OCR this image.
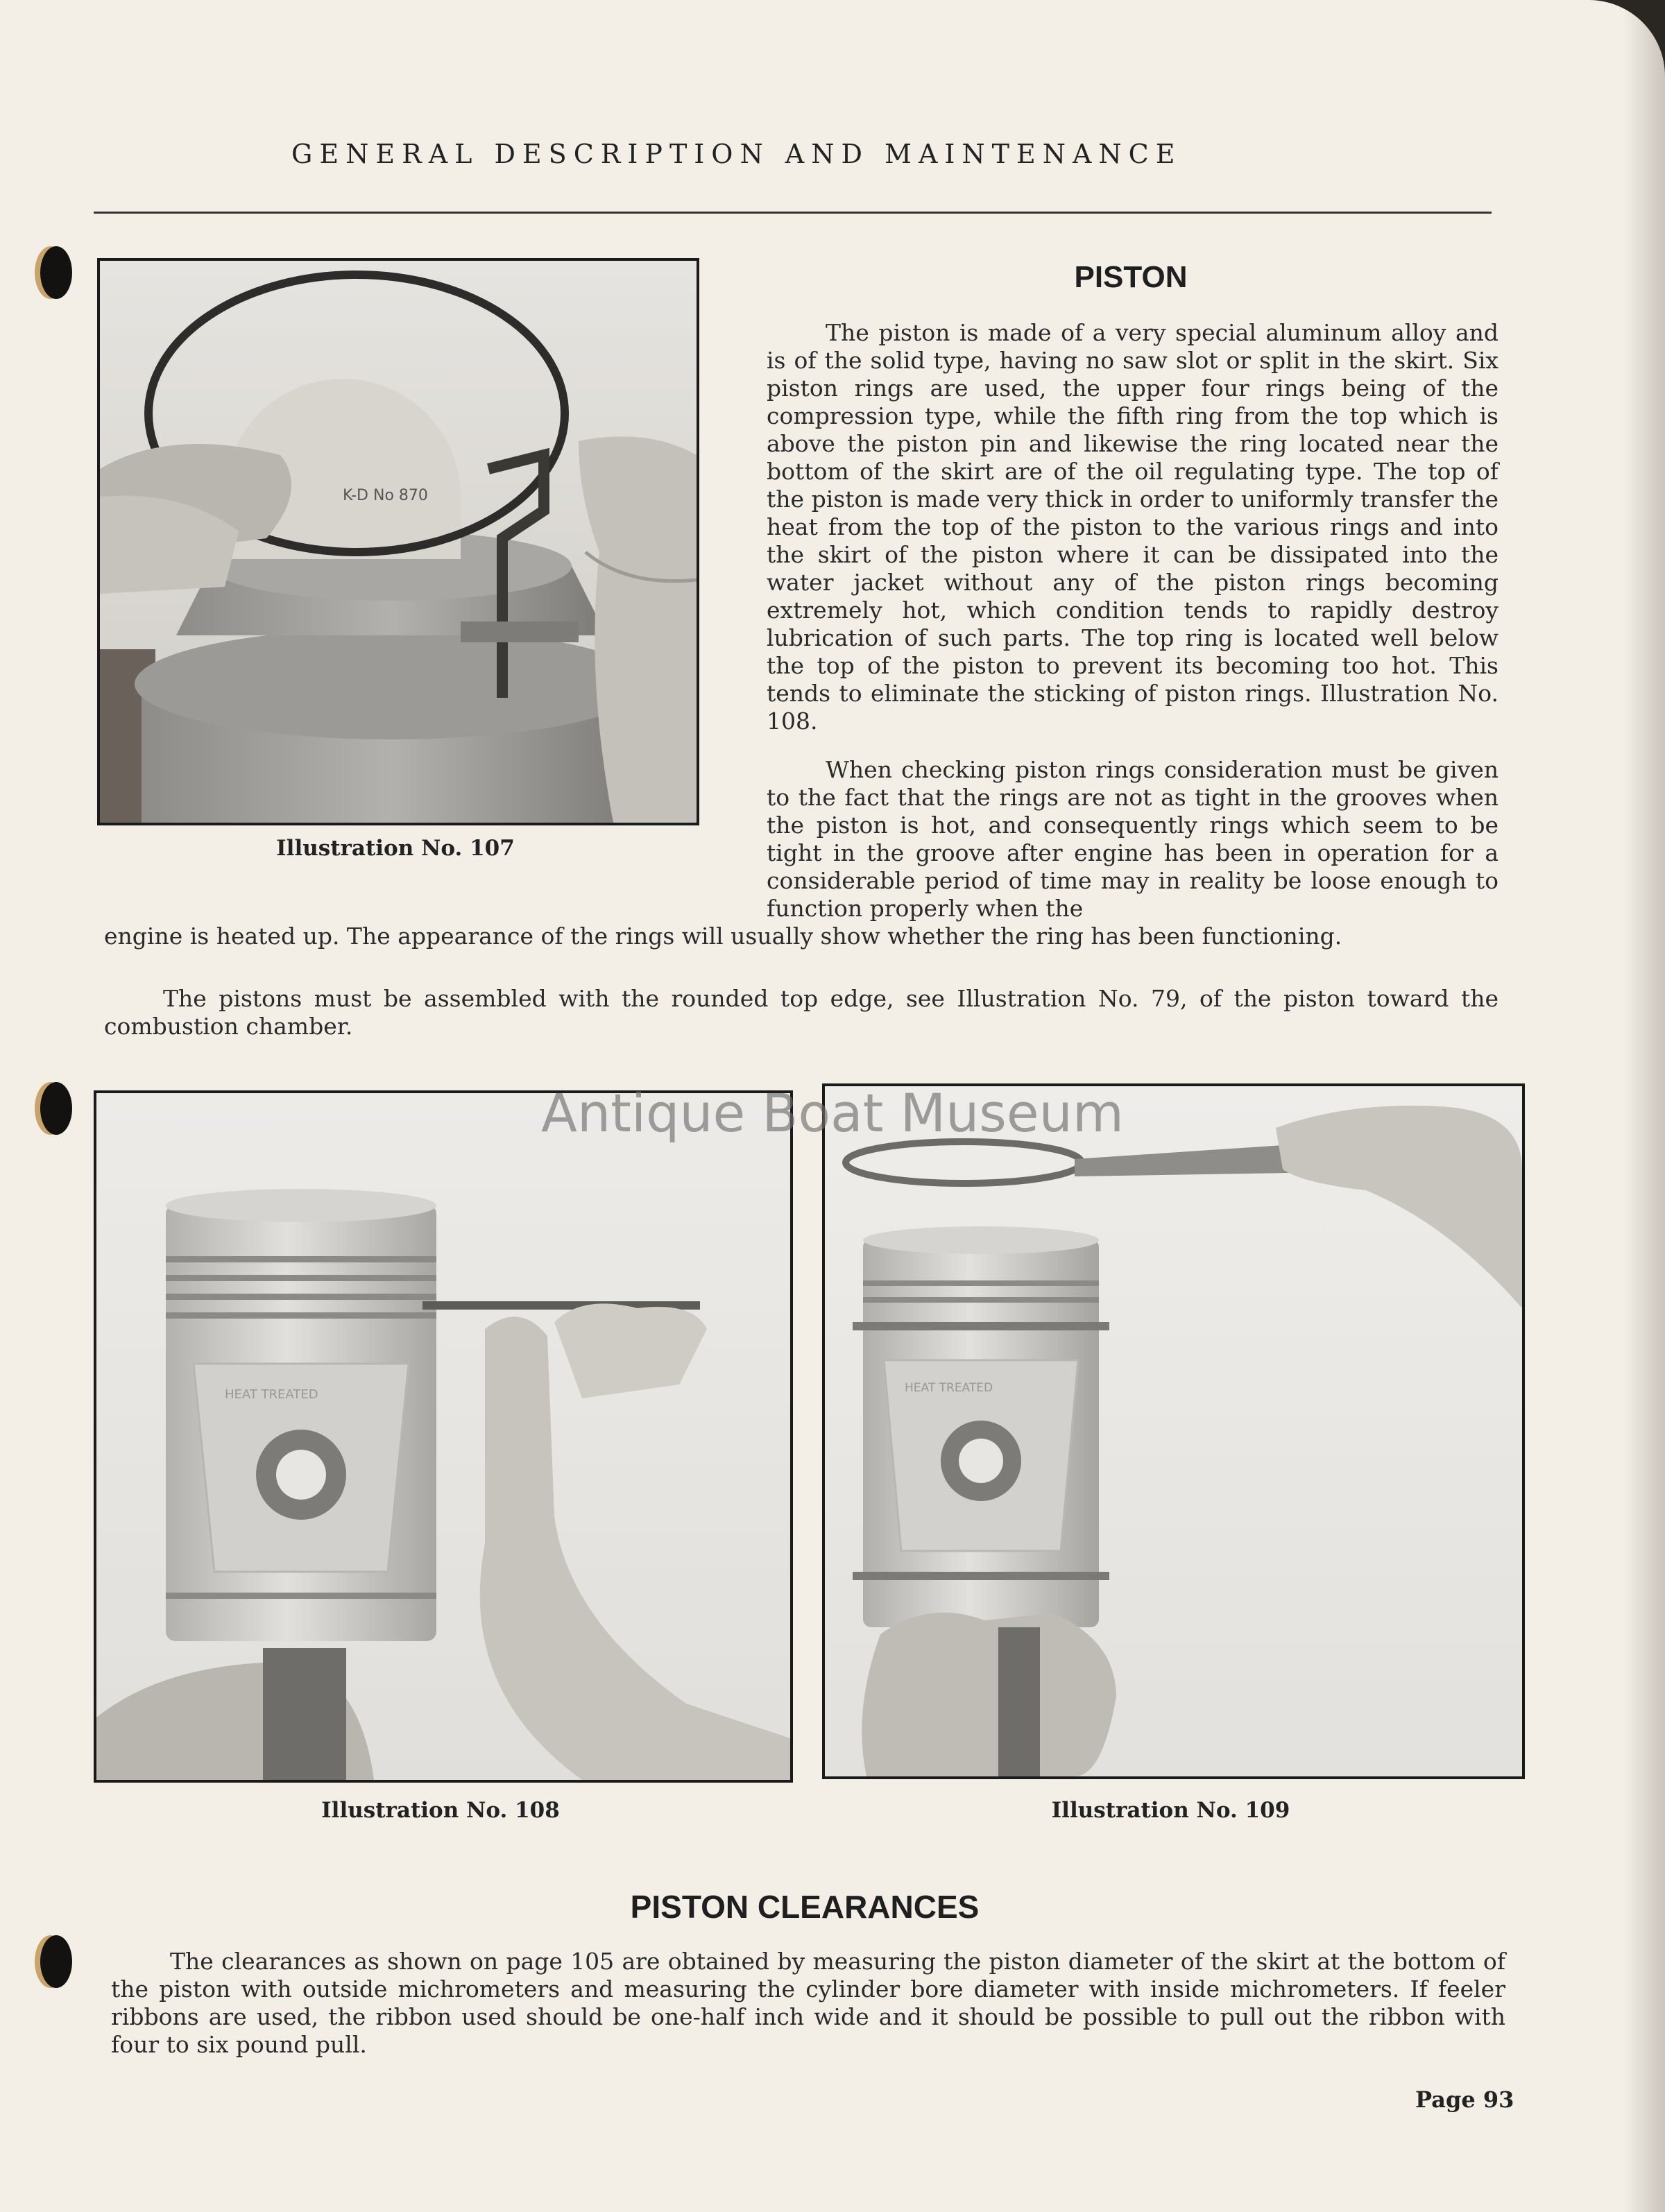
GENERAL DESCRIPTION AND MAINTENANCE
K-D No 870
Illustration No. 107
PISTON

The piston is made of a very special aluminum alloy and is of the solid type, having no saw slot or split in the skirt. Six piston rings are used, the upper four rings being of the compression type, while the fifth ring from the top which is above the piston pin and likewise the ring located near the bottom of the skirt are of the oil regulating type. The top of the piston is made very thick in order to uniformly transfer the heat from the top of the piston to the various rings and into the skirt of the piston where it can be dissipated into the water jacket without any of the piston rings becoming extremely hot, which condition tends to rapidly destroy lubrication of such parts. The top ring is located well below the top of the piston to prevent its becoming too hot. This tends to eliminate the sticking of piston rings. Illustration No. 108.

When checking piston rings consideration must be given to the fact that the rings are not as tight in the grooves when the piston is hot, and consequently rings which seem to be tight in the groove after engine has been in operation for a considerable period of time may in reality be loose enough to function properly when the

engine is heated up. The appearance of the rings will usually show whether the ring has been functioning.

The pistons must be assembled with the rounded top edge, see Illustration No. 79, of the piston toward the combustion chamber.

HEAT TREATED
Illustration No. 108
HEAT TREATED
Illustration No. 109
Antique Boat Museum
PISTON CLEARANCES

The clearances as shown on page 105 are obtained by measuring the piston diameter of the skirt at the bottom of the piston with outside michrometers and measuring the cylinder bore diameter with inside michrometers. If feeler ribbons are used, the ribbon used should be one-half inch wide and it should be possible to pull out the ribbon with four to six pound pull.

Page 93
